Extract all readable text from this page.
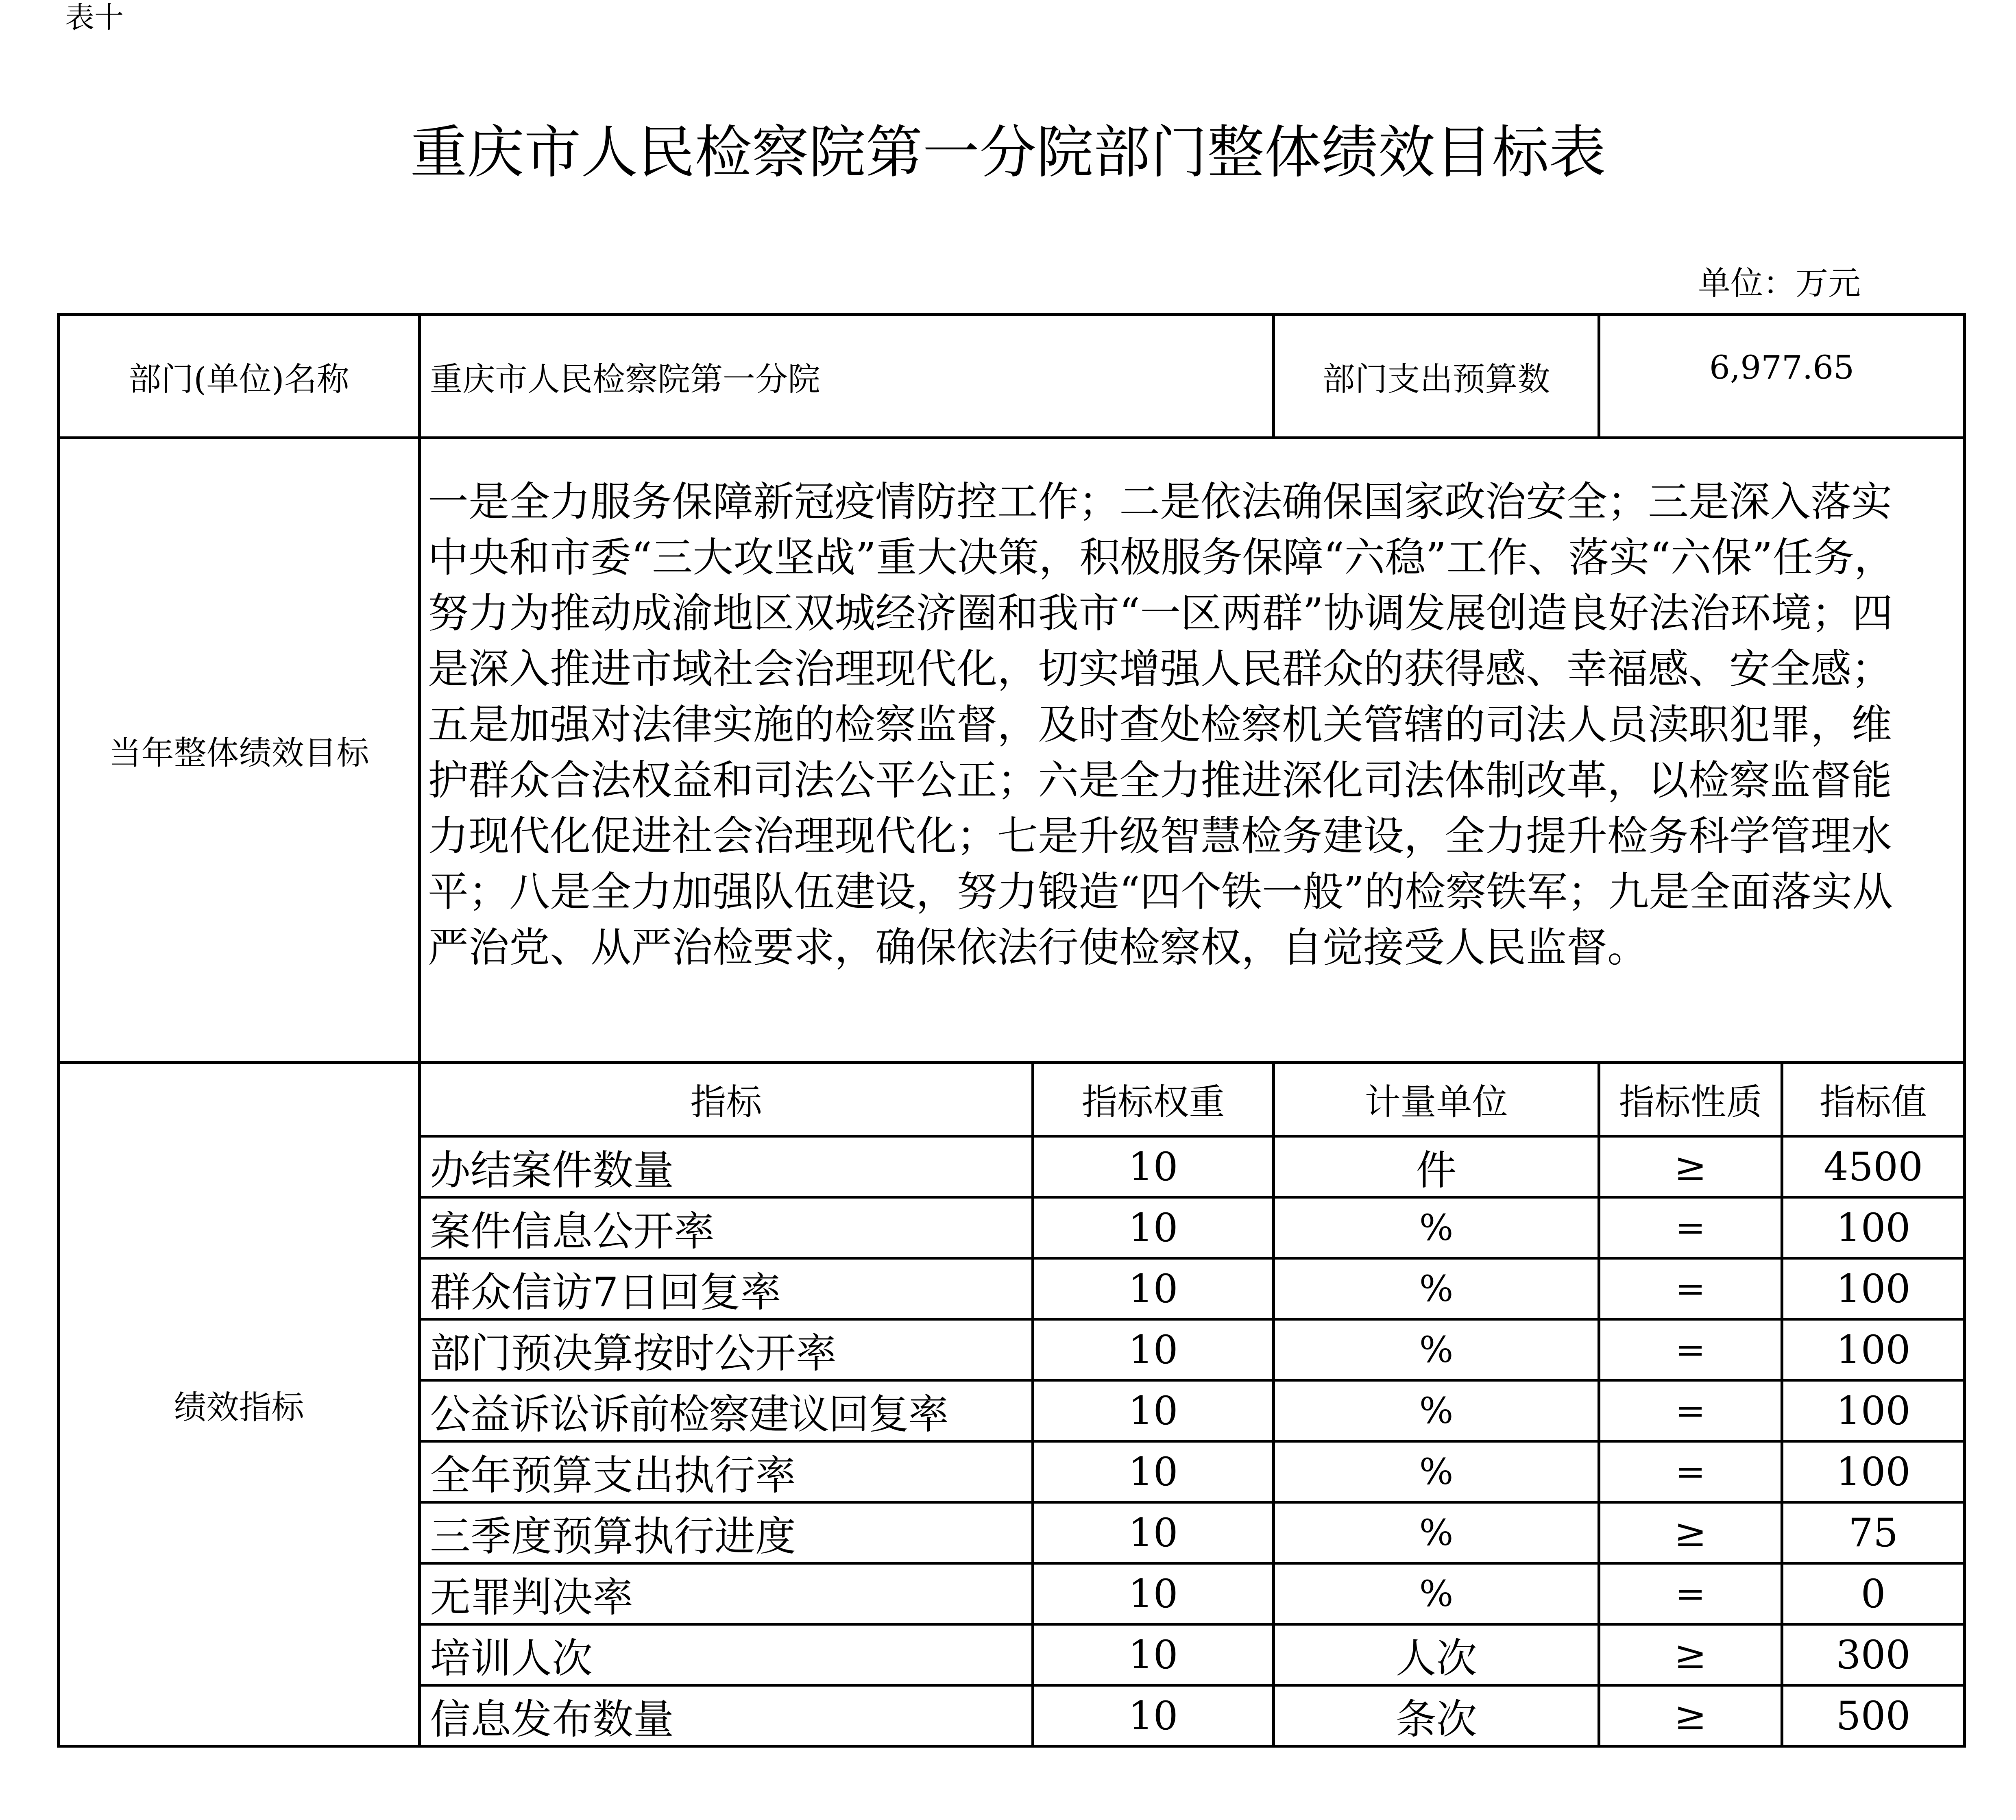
表十
重庆市人民检察院第一分院部门整体绩效目标表
单位：万元
部门(单位)名称	重庆市人民检察院第一分院	部门支出预算数	6,977.65
当年整体绩效目标
一是全力服务保障新冠疫情防控工作；二是依法确保国家政治安全；三是深入落实中央和市委“三大攻坚战”重大决策，积极服务保障“六稳”工作、落实“六保”任务，努力为推动成渝地区双城经济圈和我市“一区两群”协调发展创造良好法治环境；四是深入推进市域社会治理现代化，切实增强人民群众的获得感、幸福感、安全感；五是加强对法律实施的检察监督，及时查处检察机关管辖的司法人员渎职犯罪，维护群众合法权益和司法公平公正；六是全力推进深化司法体制改革，以检察监督能力现代化促进社会治理现代化；七是升级智慧检务建设，全力提升检务科学管理水平；八是全力加强队伍建设，努力锻造“四个铁一般”的检察铁军；九是全面落实从严治党、从严治检要求，确保依法行使检察权，自觉接受人民监督。
绩效指标
指标	指标权重	计量单位	指标性质	指标值
办结案件数量	10	件	≥	4500
案件信息公开率	10	%	=	100
群众信访7日回复率	10	%	=	100
部门预决算按时公开率	10	%	=	100
公益诉讼诉前检察建议回复率	10	%	=	100
全年预算支出执行率	10	%	=	100
三季度预算执行进度	10	%	≥	75
无罪判决率	10	%	=	0
培训人次	10	人次	≥	300
信息发布数量	10	条次	≥	500
